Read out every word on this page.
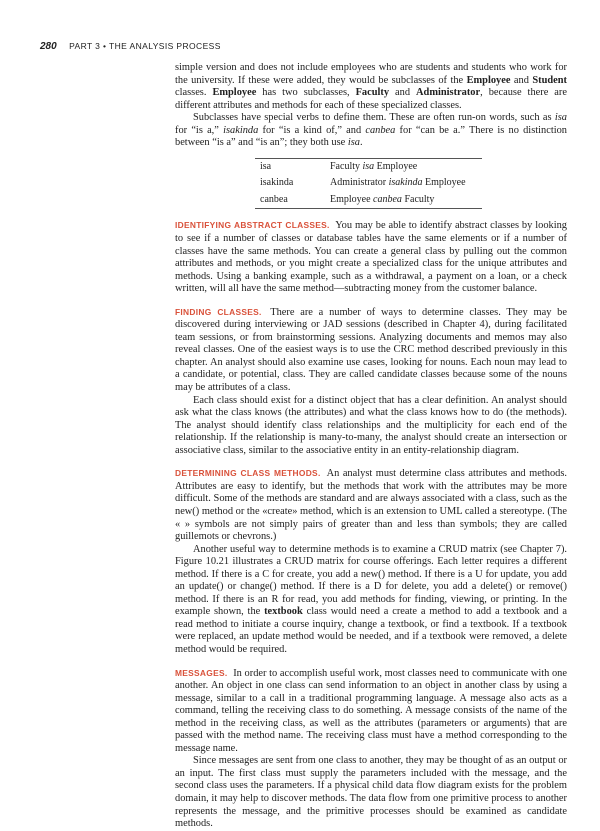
280 PART 3 • THE ANALYSIS PROCESS

simple version and does not include employees who are students and students who work for the university. If these were added, they would be subclasses of the Employee and Student classes. Employee has two subclasses, Faculty and Administrator, because there are different attributes and methods for each of these specialized classes.

Subclasses have special verbs to define them. These are often run-on words, such as isa for “is a,” isakinda for “is a kind of,” and canbea for “can be a.” There is no distinction between “is a” and “is an”; they both use isa.

isa	Faculty isa Employee
isakinda	Administrator isakinda Employee
canbea	Employee canbea Faculty

IDENTIFYING ABSTRACT CLASSES. You may be able to identify abstract classes by looking to see if a number of classes or database tables have the same elements or if a number of classes have the same methods. You can create a general class by pulling out the common attributes and methods, or you might create a specialized class for the unique attributes and methods. Using a banking example, such as a withdrawal, a payment on a loan, or a check written, will all have the same method—subtracting money from the customer balance.

FINDING CLASSES. There are a number of ways to determine classes. They may be discovered during interviewing or JAD sessions (described in Chapter 4), during facilitated team sessions, or from brainstorming sessions. Analyzing documents and memos may also reveal classes. One of the easiest ways is to use the CRC method described previously in this chapter. An analyst should also examine use cases, looking for nouns. Each noun may lead to a candidate, or potential, class. They are called candidate classes because some of the nouns may be attributes of a class.

Each class should exist for a distinct object that has a clear definition. An analyst should ask what the class knows (the attributes) and what the class knows how to do (the methods). The analyst should identify class relationships and the multiplicity for each end of the relationship. If the relationship is many-to-many, the analyst should create an intersection or associative class, similar to the associative entity in an entity-relationship diagram.

DETERMINING CLASS METHODS. An analyst must determine class attributes and methods. Attributes are easy to identify, but the methods that work with the attributes may be more difficult. Some of the methods are standard and are always associated with a class, such as the new() method or the «create» method, which is an extension to UML called a stereotype. (The « » symbols are not simply pairs of greater than and less than symbols; they are called guillemots or chevrons.)

Another useful way to determine methods is to examine a CRUD matrix (see Chapter 7). Figure 10.21 illustrates a CRUD matrix for course offerings. Each letter requires a different method. If there is a C for create, you add a new() method. If there is a U for update, you add an update() or change() method. If there is a D for delete, you add a delete() or remove() method. If there is an R for read, you add methods for finding, viewing, or printing. In the example shown, the textbook class would need a create a method to add a textbook and a read method to initiate a course inquiry, change a textbook, or find a textbook. If a textbook were replaced, an update method would be needed, and if a textbook were removed, a delete method would be required.

MESSAGES. In order to accomplish useful work, most classes need to communicate with one another. An object in one class can send information to an object in another class by using a message, similar to a call in a traditional programming language. A message also acts as a command, telling the receiving class to do something. A message consists of the name of the method in the receiving class, as well as the attributes (parameters or arguments) that are passed with the method name. The receiving class must have a method corresponding to the message name.

Since messages are sent from one class to another, they may be thought of as an output or an input. The first class must supply the parameters included with the message, and the second class uses the parameters. If a physical child data flow diagram exists for the problem domain, it may help to discover methods. The data flow from one primitive process to another represents the message, and the primitive processes should be examined as candidate methods.
